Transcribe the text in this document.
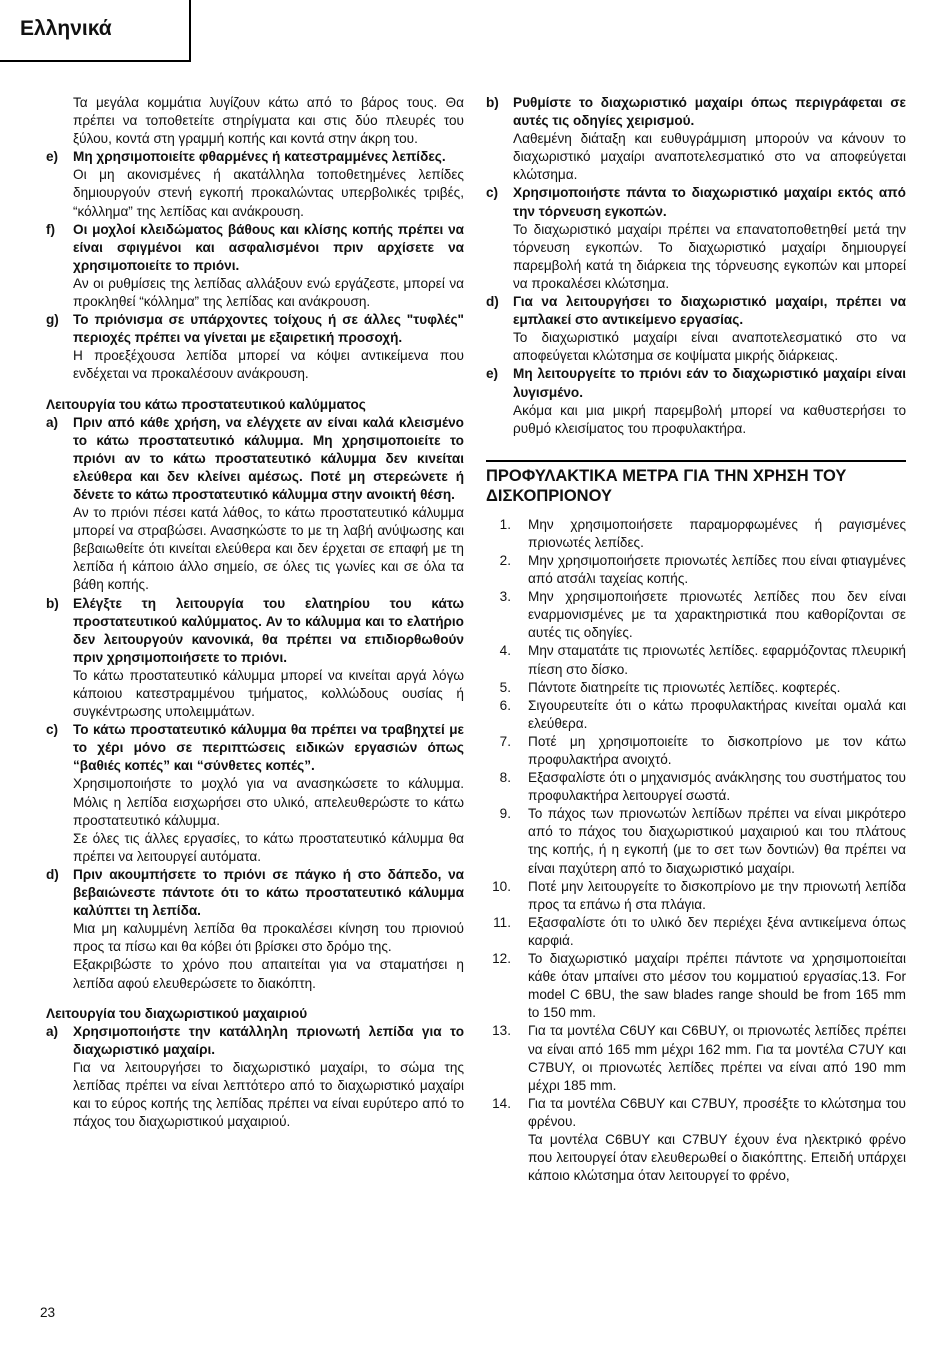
Ελληνικά

Τα μεγάλα κομμάτια λυγίζουν κάτω από το βάρος τους. Θα πρέπει να τοποθετείτε στηρίγματα και στις δύο πλευρές του ξύλου, κοντά στη γραμμή κοπής και κοντά στην άκρη του.

e) Μη χρησιμοποιείτε φθαρμένες ή κατεστραμμένες λεπίδες.

Οι μη ακονισμένες ή ακατάλληλα τοποθετημένες λεπίδες δημιουργούν στενή εγκοπή προκαλώντας υπερβολικές τριβές, “κόλλημα” της λεπίδας και ανάκρουση.

f) Οι μοχλοί κλειδώματος βάθους και κλίσης κοπής πρέπει να είναι σφιγμένοι και ασφαλισμένοι πριν αρχίσετε να χρησιμοποιείτε το πριόνι.

Αν οι ρυθμίσεις της λεπίδας αλλάξουν ενώ εργάζεστε, μπορεί να προκληθεί “κόλλημα” της λεπίδας και ανάκρουση.

g) Το πριόνισμα σε υπάρχοντες τοίχους ή σε άλλες "τυφλές" περιοχές πρέπει να γίνεται με εξαιρετική προσοχή.

Η προεξέχουσα λεπίδα μπορεί να κόψει αντικείμενα που ενδέχεται να προκαλέσουν ανάκρουση.

Λειτουργία του κάτω προστατευτικού καλύμματος

a) Πριν από κάθε χρήση, να ελέγχετε αν είναι καλά κλεισμένο το κάτω προστατευτικό κάλυμμα. Μη χρησιμοποιείτε το πριόνι αν το κάτω προστατευτικό κάλυμμα δεν κινείται ελεύθερα και δεν κλείνει αμέσως. Ποτέ μη στερεώνετε ή δένετε το κάτω προστατευτικό κάλυμμα στην ανοικτή θέση.

Αν το πριόνι πέσει κατά λάθος, το κάτω προστατευτικό κάλυμμα μπορεί να στραβώσει. Ανασηκώστε το με τη λαβή ανύψωσης και βεβαιωθείτε ότι κινείται ελεύθερα και δεν έρχεται σε επαφή με τη λεπίδα ή κάποιο άλλο σημείο, σε όλες τις γωνίες και σε όλα τα βάθη κοπής.

b) Ελέγξτε τη λειτουργία του ελατηρίου του κάτω προστατευτικού καλύμματος. Αν το κάλυμμα και το ελατήριο δεν λειτουργούν κανονικά, θα πρέπει να επιδιορθωθούν πριν χρησιμοποιήσετε το πριόνι.

Το κάτω προστατευτικό κάλυμμα μπορεί να κινείται αργά λόγω κάποιου κατεστραμμένου τμήματος, κολλώδους ουσίας ή συγκέντρωσης υπολειμμάτων.

c) Το κάτω προστατευτικό κάλυμμα θα πρέπει να τραβηχτεί με το χέρι μόνο σε περιπτώσεις ειδικών εργασιών όπως “βαθιές κοπές” και “σύνθετες κοπές”.

Χρησιμοποιήστε το μοχλό για να ανασηκώσετε το κάλυμμα. Μόλις η λεπίδα εισχωρήσει στο υλικό, απελευθερώστε το κάτω προστατευτικό κάλυμμα.

Σε όλες τις άλλες εργασίες, το κάτω προστατευτικό κάλυμμα θα πρέπει να λειτουργεί αυτόματα.

d) Πριν ακουμπήσετε το πριόνι σε πάγκο ή στο δάπεδο, να βεβαιώνεστε πάντοτε ότι το κάτω προστατευτικό κάλυμμα καλύπτει τη λεπίδα.

Μια μη καλυμμένη λεπίδα θα προκαλέσει κίνηση του πριονιού προς τα πίσω και θα κόβει ότι βρίσκει στο δρόμο της.

Εξακριβώστε το χρόνο που απαιτείται για να σταματήσει η λεπίδα αφού ελευθερώσετε το διακόπτη.

Λειτουργία του διαχωριστικού μαχαιριού

a) Χρησιμοποιήστε την κατάλληλη πριονωτή λεπίδα για το διαχωριστικό μαχαίρι.

Για να λειτουργήσει το διαχωριστικό μαχαίρι, το σώμα της λεπίδας πρέπει να είναι λεπτότερο από το διαχωριστικό μαχαίρι και το εύρος κοπής της λεπίδας πρέπει να είναι ευρύτερο από το πάχος του διαχωριστικού μαχαιριού.

b) Ρυθμίστε το διαχωριστικό μαχαίρι όπως περιγράφεται σε αυτές τις οδηγίες χειρισμού.

Λαθεμένη διάταξη και ευθυγράμμιση μπορούν να κάνουν το διαχωριστικό μαχαίρι αναποτελεσματικό στο να αποφεύγεται κλώτσημα.

c) Χρησιμοποιήστε πάντα το διαχωριστικό μαχαίρι εκτός από την τόρνευση εγκοπών.

Το διαχωριστικό μαχαίρι πρέπει να επανατοποθετηθεί μετά την τόρνευση εγκοπών. Το διαχωριστικό μαχαίρι δημιουργεί παρεμβολή κατά τη διάρκεια της τόρνευσης εγκοπών και μπορεί να προκαλέσει κλώτσημα.

d) Για να λειτουργήσει το διαχωριστικό μαχαίρι, πρέπει να εμπλακεί στο αντικείμενο εργασίας.

Το διαχωριστικό μαχαίρι είναι αναποτελεσματικό στο να αποφεύγεται κλώτσημα σε κοψίματα μικρής διάρκειας.

e) Μη λειτουργείτε το πριόνι εάν το διαχωριστικό μαχαίρι είναι λυγισμένο.

Ακόμα και μια μικρή παρεμβολή μπορεί να καθυστερήσει το ρυθμό κλεισίματος του προφυλακτήρα.

ΠΡΟΦΥΛΑΚΤΙΚΑ ΜΕΤΡΑ ΓΙΑ ΤΗΝ ΧΡΗΣΗ ΤΟΥ ΔΙΣΚΟΠΡΙΟΝΟΥ

1. Μην χρησιμοποιήσετε παραμορφωμένες ή ραγισμένες πριονωτές λεπίδες.

2. Μην χρησιμοποιήσετε πριονωτές λεπίδες που είναι φτιαγμένες από ατσάλι ταχείας κοπής.

3. Μην χρησιμοποιήσετε πριονωτές λεπίδες που δεν είναι εναρμονισμένες με τα χαρακτηριστικά που καθορίζονται σε αυτές τις οδηγίες.

4. Μην σταματάτε τις πριονωτές λεπίδες. εφαρμόζοντας πλευρική πίεση στο δίσκο.

5. Πάντοτε διατηρείτε τις πριονωτές λεπίδες. κοφτερές.

6. Σιγουρευτείτε ότι ο κάτω προφυλακτήρας κινείται ομαλά και ελεύθερα.

7. Ποτέ μη χρησιμοποιείτε το δισκοπρίονο με τον κάτω προφυλακτήρα ανοιχτό.

8. Εξασφαλίστε ότι ο μηχανισμός ανάκλησης του συστήματος του προφυλακτήρα λειτουργεί σωστά.

9. Το πάχος των πριονωτών λεπίδων πρέπει να είναι μικρότερο από το πάχος του διαχωριστικού μαχαιριού και του πλάτους της κοπής, ή η εγκοπή (με το σετ των δοντιών) θα πρέπει να είναι παχύτερη από το διαχωριστικό μαχαίρι.

10. Ποτέ μην λειτουργείτε το δισκοπρίονο με την πριονωτή λεπίδα προς τα επάνω ή στα πλάγια.

11. Εξασφαλίστε ότι το υλικό δεν περιέχει ξένα αντικείμενα όπως καρφιά.

12. Το διαχωριστικό μαχαίρι πρέπει πάντοτε να χρησιμοποιείται κάθε όταν μπαίνει στο μέσον του κομματιού εργασίας.13. For model C 6BU, the saw blades range should be from 165 mm to 150 mm.

13. Για τα μοντέλα C6UY και C6BUY, οι πριονωτές λεπίδες πρέπει να είναι από 165 mm μέχρι 162 mm. Για τα μοντέλα C7UY και C7BUY, οι πριονωτές λεπίδες πρέπει να είναι από 190 mm μέχρι 185 mm.

14. Για τα μοντέλα C6BUY και C7BUY, προσέξτε το κλώτσημα του φρένου.

Τα μοντέλα C6BUY και C7BUY έχουν ένα ηλεκτρικό φρένο που λειτουργεί όταν ελευθερωθεί ο διακόπτης. Επειδή υπάρχει κάποιο κλώτσημα όταν λειτουργεί το φρένο,

23
